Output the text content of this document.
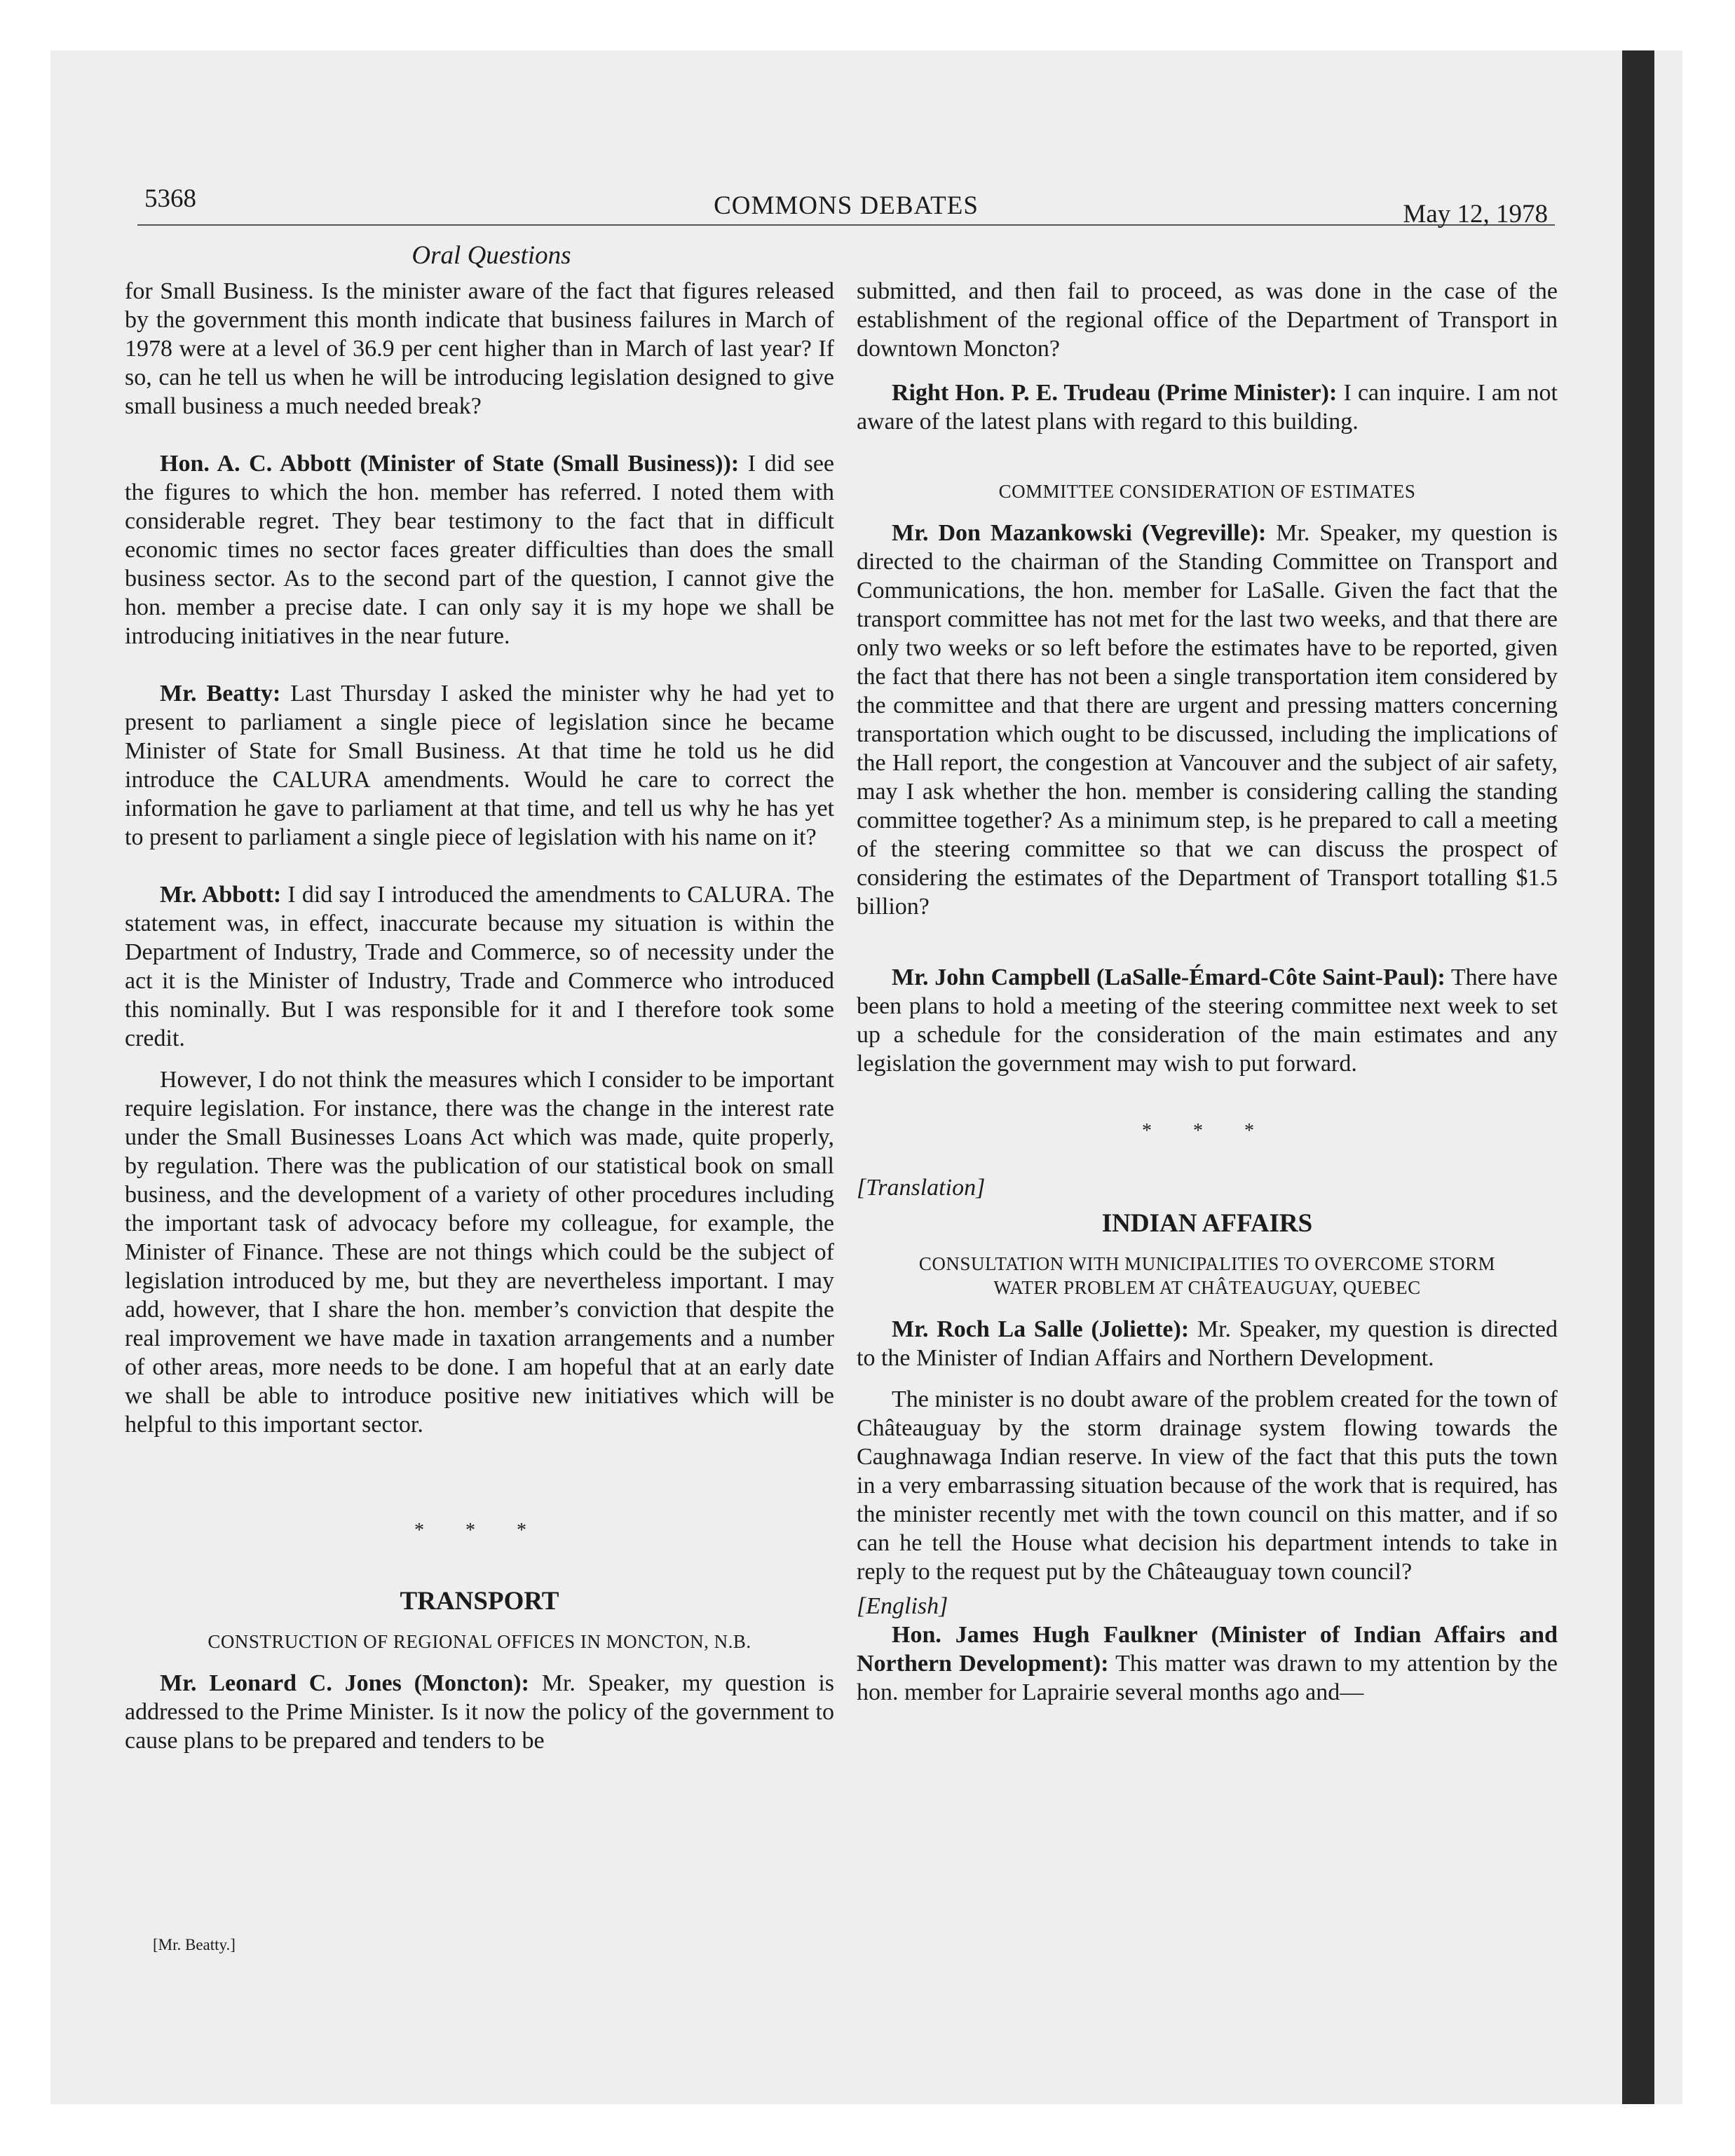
5368	COMMONS DEBATES	May 12, 1978
Oral Questions

for Small Business. Is the minister aware of the fact that figures released by the government this month indicate that business failures in March of 1978 were at a level of 36.9 per cent higher than in March of last year? If so, can he tell us when he will be introducing legislation designed to give small business a much needed break?

Hon. A. C. Abbott (Minister of State (Small Business)): I did see the figures to which the hon. member has referred. I noted them with considerable regret. They bear testimony to the fact that in difficult economic times no sector faces greater difficulties than does the small business sector. As to the second part of the question, I cannot give the hon. member a precise date. I can only say it is my hope we shall be introducing initiatives in the near future.

Mr. Beatty: Last Thursday I asked the minister why he had yet to present to parliament a single piece of legislation since he became Minister of State for Small Business. At that time he told us he did introduce the CALURA amendments. Would he care to correct the information he gave to parliament at that time, and tell us why he has yet to present to parliament a single piece of legislation with his name on it?

Mr. Abbott: I did say I introduced the amendments to CALURA. The statement was, in effect, inaccurate because my situation is within the Department of Industry, Trade and Commerce, so of necessity under the act it is the Minister of Industry, Trade and Commerce who introduced this nominally. But I was responsible for it and I therefore took some credit.

However, I do not think the measures which I consider to be important require legislation. For instance, there was the change in the interest rate under the Small Businesses Loans Act which was made, quite properly, by regulation. There was the publication of our statistical book on small business, and the development of a variety of other procedures including the important task of advocacy before my colleague, for example, the Minister of Finance. These are not things which could be the subject of legislation introduced by me, but they are nevertheless important. I may add, however, that I share the hon. member’s conviction that despite the real improvement we have made in taxation arrangements and a number of other areas, more needs to be done. I am hopeful that at an early date we shall be able to introduce positive new initiatives which will be helpful to this important sector.

* * *
TRANSPORT
CONSTRUCTION OF REGIONAL OFFICES IN MONCTON, N.B.

Mr. Leonard C. Jones (Moncton): Mr. Speaker, my question is addressed to the Prime Minister. Is it now the policy of the government to cause plans to be prepared and tenders to be

[Mr. Beatty.]

submitted, and then fail to proceed, as was done in the case of the establishment of the regional office of the Department of Transport in downtown Moncton?

Right Hon. P. E. Trudeau (Prime Minister): I can inquire. I am not aware of the latest plans with regard to this building.

COMMITTEE CONSIDERATION OF ESTIMATES

Mr. Don Mazankowski (Vegreville): Mr. Speaker, my question is directed to the chairman of the Standing Committee on Transport and Communications, the hon. member for LaSalle. Given the fact that the transport committee has not met for the last two weeks, and that there are only two weeks or so left before the estimates have to be reported, given the fact that there has not been a single transportation item considered by the committee and that there are urgent and pressing matters concerning transportation which ought to be discussed, including the implications of the Hall report, the congestion at Vancouver and the subject of air safety, may I ask whether the hon. member is considering calling the standing committee together? As a minimum step, is he prepared to call a meeting of the steering committee so that we can discuss the prospect of considering the estimates of the Department of Transport totalling $1.5 billion?

Mr. John Campbell (LaSalle-Émard-Côte Saint-Paul): There have been plans to hold a meeting of the steering committee next week to set up a schedule for the consideration of the main estimates and any legislation the government may wish to put forward.

* * *
[Translation]
INDIAN AFFAIRS
CONSULTATION WITH MUNICIPALITIES TO OVERCOME STORM WATER PROBLEM AT CHÂTEAUGUAY, QUEBEC

Mr. Roch La Salle (Joliette): Mr. Speaker, my question is directed to the Minister of Indian Affairs and Northern Development.

The minister is no doubt aware of the problem created for the town of Châteauguay by the storm drainage system flowing towards the Caughnawaga Indian reserve. In view of the fact that this puts the town in a very embarrassing situation because of the work that is required, has the minister recently met with the town council on this matter, and if so can he tell the House what decision his department intends to take in reply to the request put by the Châteauguay town council?

[English]

Hon. James Hugh Faulkner (Minister of Indian Affairs and Northern Development): This matter was drawn to my attention by the hon. member for Laprairie several months ago and—
